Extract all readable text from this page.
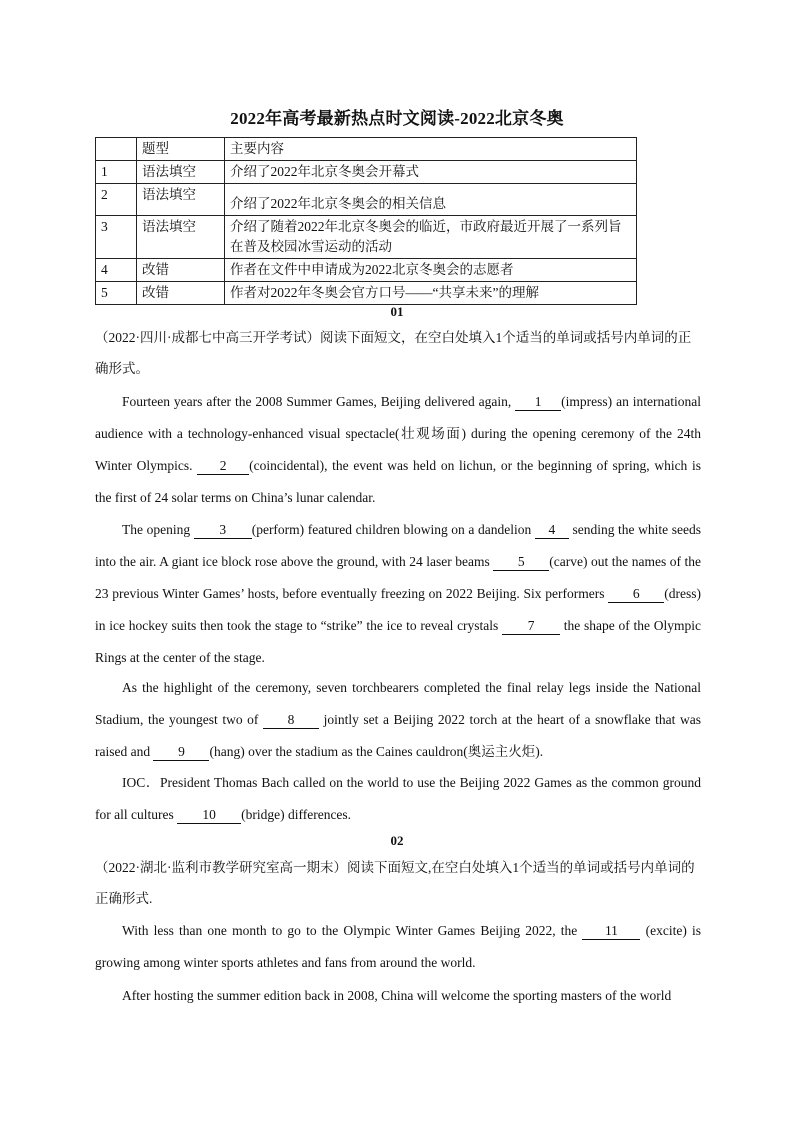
2022年高考最新热点时文阅读-2022北京冬奥
	题型	主要内容
1	语法填空	介绍了2022年北京冬奥会开幕式
2	语法填空	介绍了2022年北京冬奥会的相关信息
3	语法填空	介绍了随着2022年北京冬奥会的临近，市政府最近开展了一系列旨在普及校园冰雪运动的活动
4	改错	作者在文件中申请成为2022北京冬奥会的志愿者
5	改错	作者对2022年冬奥会官方口号——“共享未来”的理解
01
（2022·四川·成都七中高三开学考试）阅读下面短文，在空白处填入1个适当的单词或括号内单词的正确形式。
Fourteen years after the 2008 Summer Games, Beijing delivered again, 1 (impress) an international audience with a technology-enhanced visual spectacle(壮观场面) during the opening ceremony of the 24th Winter Olympics. 2 (coincidental), the event was held on lichun, or the beginning of spring, which is the first of 24 solar terms on China’s lunar calendar.
The opening 3 (perform) featured children blowing on a dandelion 4 sending the white seeds into the air. A giant ice block rose above the ground, with 24 laser beams 5 (carve) out the names of the 23 previous Winter Games’ hosts, before eventually freezing on 2022 Beijing. Six performers 6 (dress) in ice hockey suits then took the stage to “strike” the ice to reveal crystals 7 the shape of the Olympic Rings at the center of the stage.
As the highlight of the ceremony, seven torchbearers completed the final relay legs inside the National Stadium, the youngest two of 8 jointly set a Beijing 2022 torch at the heart of a snowflake that was raised and 9 (hang) over the stadium as the Caines cauldron(奥运主火炬).
IOC．President Thomas Bach called on the world to use the Beijing 2022 Games as the common ground for all cultures 10 (bridge) differences.
02
（2022·湖北·监利市教学研究室高一期末）阅读下面短文,在空白处填入1个适当的单词或括号内单词的正确形式.
With less than one month to go to the Olympic Winter Games Beijing 2022, the 11 (excite) is growing among winter sports athletes and fans from around the world.
After hosting the summer edition back in 2008, China will welcome the sporting masters of the world
